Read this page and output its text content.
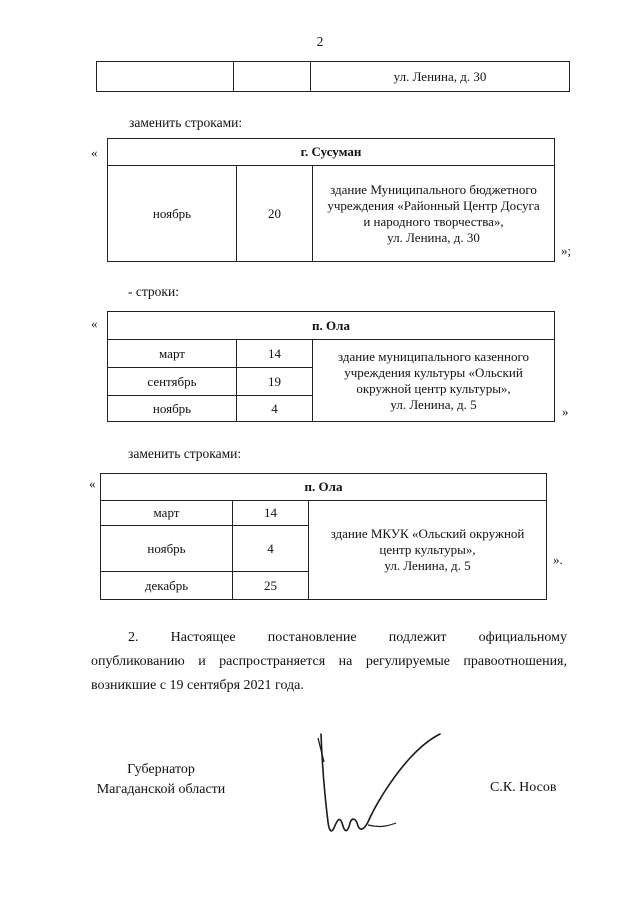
2
		ул. Ленина, д. 30
заменить строками:
«	г. Сусуман
ноябрь	20	
здание Муниципального бюджетного
учреждения «Районный Центр Досуга
и народного творчества»,
ул. Ленина, д. 30
»;
- строки:
«	п. Ола		
март	14	здание муниципального казенного
учреждения культуры «Ольский
окружной центр культуры»,
ул. Ленина, д. 5

сентябрь	19	
ноябрь	4		»
заменить строками:
«	п. Ола		
март	14	здание МКУК «Ольский окружной
центр культуры»,
ул. Ленина, д. 5

ноябрь	4	
декабрь	25	
».

2. Настоящее постановление подлежит официальному

опубликованию и распространяется на регулируемые правоотношения,

возникшие с 19 сентября 2021 года.

Губернатор
Магаданской области	С.К. Носов
